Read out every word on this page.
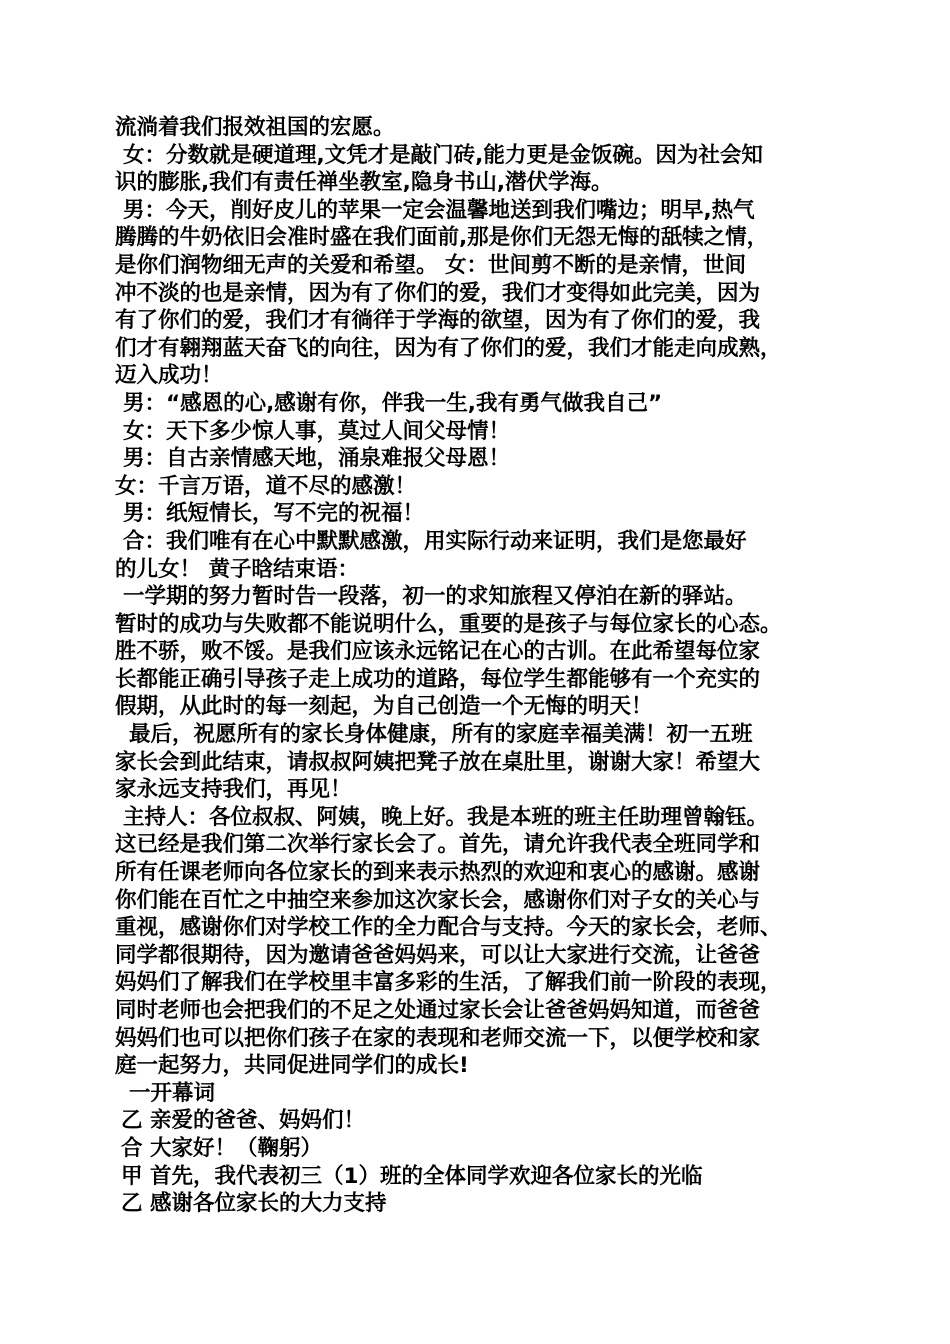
流淌着我们报效祖国的宏愿。
女：分数就是硬道理,文凭才是敲门砖,能力更是金饭碗。因为社会知
识的膨胀,我们有责任禅坐教室,隐身书山,潜伏学海。
男：今天，削好皮儿的苹果一定会温馨地送到我们嘴边；明早,热气
腾腾的牛奶依旧会准时盛在我们面前,那是你们无怨无悔的舐犊之情，
是你们润物细无声的关爱和希望。 女：世间剪不断的是亲情，世间
冲不淡的也是亲情，因为有了你们的爱，我们才变得如此完美，因为
有了你们的爱，我们才有徜徉于学海的欲望，因为有了你们的爱，我
们才有翱翔蓝天奋飞的向往，因为有了你们的爱，我们才能走向成熟，
迈入成功！
男：“感恩的心,感谢有你，伴我一生,我有勇气做我自己”
女：天下多少惊人事，莫过人间父母情！
男：自古亲情感天地，涌泉难报父母恩！
女：千言万语，道不尽的感激！
男：纸短情长，写不完的祝福！
合：我们唯有在心中默默感激，用实际行动来证明，我们是您最好
的儿女！ 黄子晗结束语：
一学期的努力暂时告一段落，初一的求知旅程又停泊在新的驿站。
暂时的成功与失败都不能说明什么，重要的是孩子与每位家长的心态。
胜不骄，败不馁。是我们应该永远铭记在心的古训。在此希望每位家
长都能正确引导孩子走上成功的道路，每位学生都能够有一个充实的
假期，从此时的每一刻起，为自己创造一个无悔的明天！
最后，祝愿所有的家长身体健康，所有的家庭幸福美满！初一五班
家长会到此结束，请叔叔阿姨把凳子放在桌肚里，谢谢大家！希望大
家永远支持我们，再见！
主持人：各位叔叔、阿姨，晚上好。我是本班的班主任助理曾翰钰。
这已经是我们第二次举行家长会了。首先，请允许我代表全班同学和
所有任课老师向各位家长的到来表示热烈的欢迎和衷心的感谢。感谢
你们能在百忙之中抽空来参加这次家长会，感谢你们对子女的关心与
重视，感谢你们对学校工作的全力配合与支持。今天的家长会，老师、
同学都很期待，因为邀请爸爸妈妈来，可以让大家进行交流，让爸爸
妈妈们了解我们在学校里丰富多彩的生活，了解我们前一阶段的表现，
同时老师也会把我们的不足之处通过家长会让爸爸妈妈知道，而爸爸
妈妈们也可以把你们孩子在家的表现和老师交流一下，以便学校和家
庭一起努力，共同促进同学们的成长!
一开幕词
乙 亲爱的爸爸、妈妈们！
合 大家好！（鞠躬）
甲 首先，我代表初三（1）班的全体同学欢迎各位家长的光临
乙 感谢各位家长的大力支持
